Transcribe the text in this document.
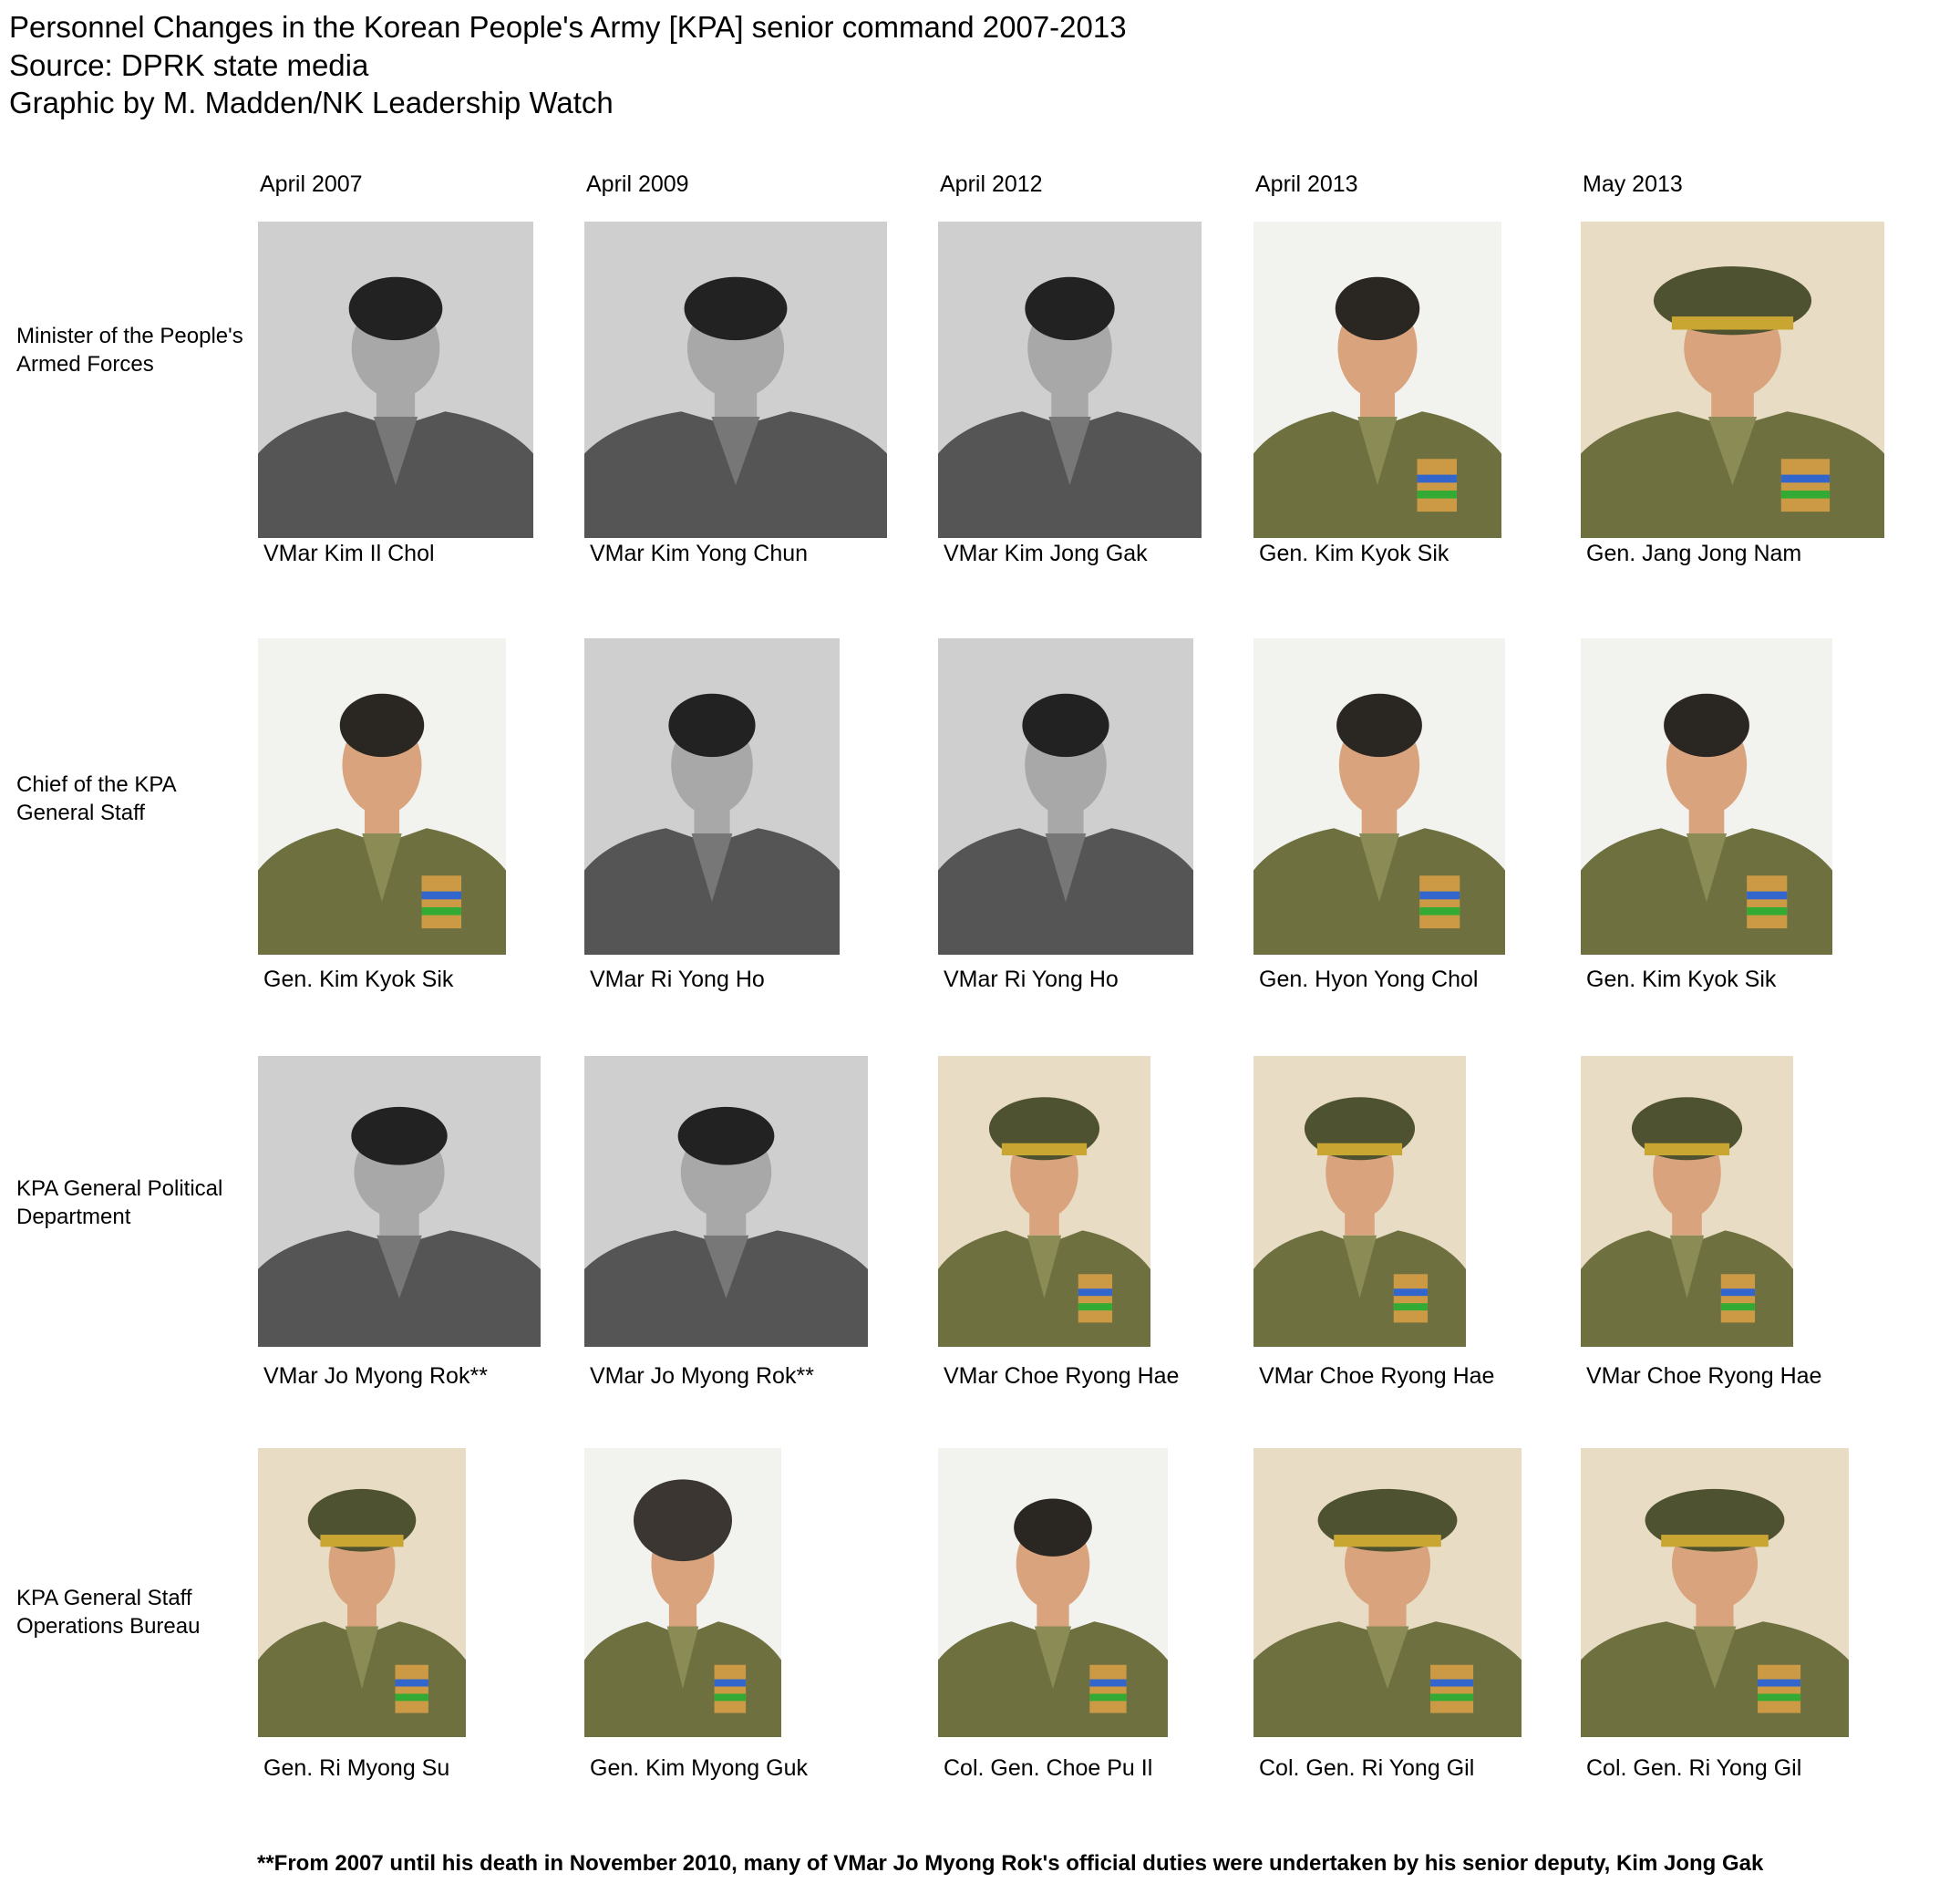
Personnel Changes in the Korean People's Army [KPA] senior command 2007-2013
Source: DPRK state media
Graphic by M. Madden/NK Leadership Watch
Minister of the People's
Armed Forces
VMar Kim Il Chol	VMar Kim Yong Chun	VMar Kim Jong Gak	Gen. Kim Kyok Sik	Gen. Jang Jong Nam
Chief of the KPA
General Staff
Gen. Kim Kyok Sik	VMar Ri Yong Ho	VMar Ri Yong Ho	Gen. Hyon Yong Chol	Gen. Kim Kyok Sik
KPA General Political
Department
VMar Jo Myong Rok**	VMar Jo Myong Rok**	VMar Choe Ryong Hae	VMar Choe Ryong Hae	VMar Choe Ryong Hae
KPA General Staff
Operations Bureau
Gen. Ri Myong Su	Gen. Kim Myong Guk	Col. Gen. Choe Pu Il	Col. Gen. Ri Yong Gil	Col. Gen. Ri Yong Gil
**From 2007 until his death in November 2010, many of VMar Jo Myong Rok's official duties were undertaken by his senior deputy, Kim Jong Gak
April 2007	April 2009	April 2012	April 2013	May 2013
